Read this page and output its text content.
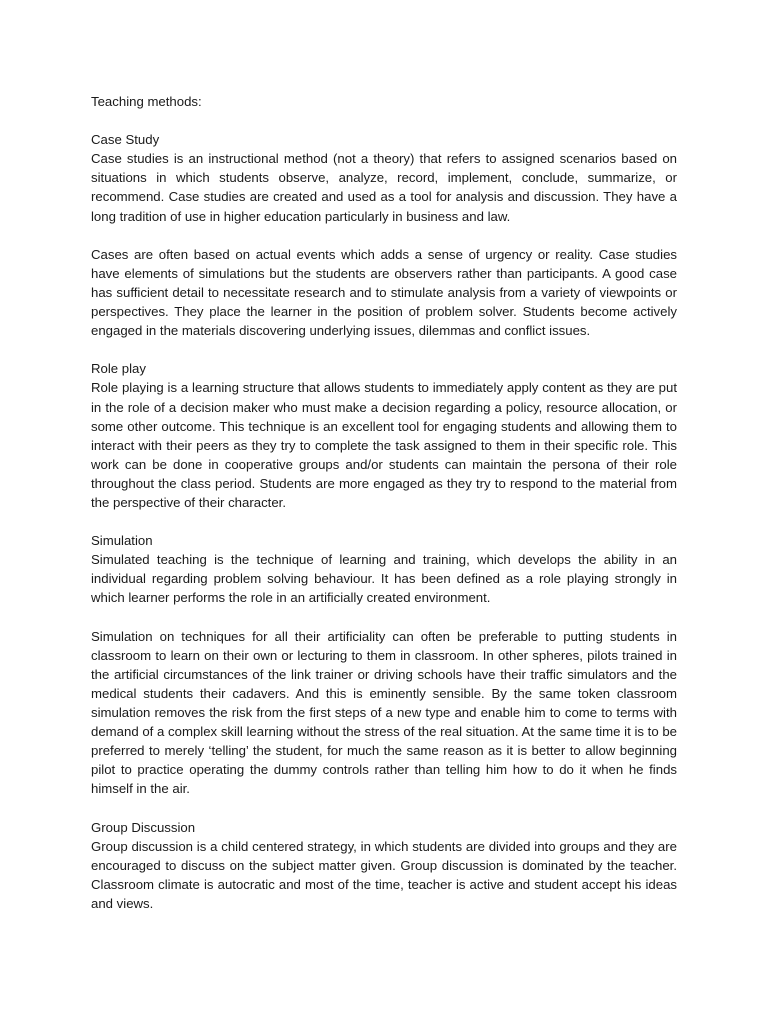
Teaching methods:

Case Study

Case studies is an instructional method (not a theory) that refers to assigned scenarios based on situations in which students observe, analyze, record, implement, conclude, summarize, or recommend. Case studies are created and used as a tool for analysis and discussion. They have a long tradition of use in higher education particularly in business and law.

Cases are often based on actual events which adds a sense of urgency or reality. Case studies have elements of simulations but the students are observers rather than participants. A good case has sufficient detail to necessitate research and to stimulate analysis from a variety of viewpoints or perspectives. They place the learner in the position of problem solver. Students become actively engaged in the materials discovering underlying issues, dilemmas and conflict issues.

Role play

Role playing is a learning structure that allows students to immediately apply content as they are put in the role of a decision maker who must make a decision regarding a policy, resource allocation, or some other outcome. This technique is an excellent tool for engaging students and allowing them to interact with their peers as they try to complete the task assigned to them in their specific role. This work can be done in cooperative groups and/or students can maintain the persona of their role throughout the class period. Students are more engaged as they try to respond to the material from the perspective of their character.

Simulation

Simulated teaching is the technique of learning and training, which develops the ability in an individual regarding problem solving behaviour. It has been defined as a role playing strongly in which learner performs the role in an artificially created environment.

Simulation on techniques for all their artificiality can often be preferable to putting students in classroom to learn on their own or lecturing to them in classroom. In other spheres, pilots trained in the artificial circumstances of the link trainer or driving schools have their traffic simulators and the medical students their cadavers. And this is eminently sensible. By the same token classroom simulation removes the risk from the first steps of a new type and enable him to come to terms with demand of a complex skill learning without the stress of the real situation. At the same time it is to be preferred to merely ‘telling’ the student, for much the same reason as it is better to allow beginning pilot to practice operating the dummy controls rather than telling him how to do it when he finds himself in the air.

Group Discussion

Group discussion is a child centered strategy, in which students are divided into groups and they are encouraged to discuss on the subject matter given. Group discussion is dominated by the teacher. Classroom climate is autocratic and most of the time, teacher is active and student accept his ideas and views.
